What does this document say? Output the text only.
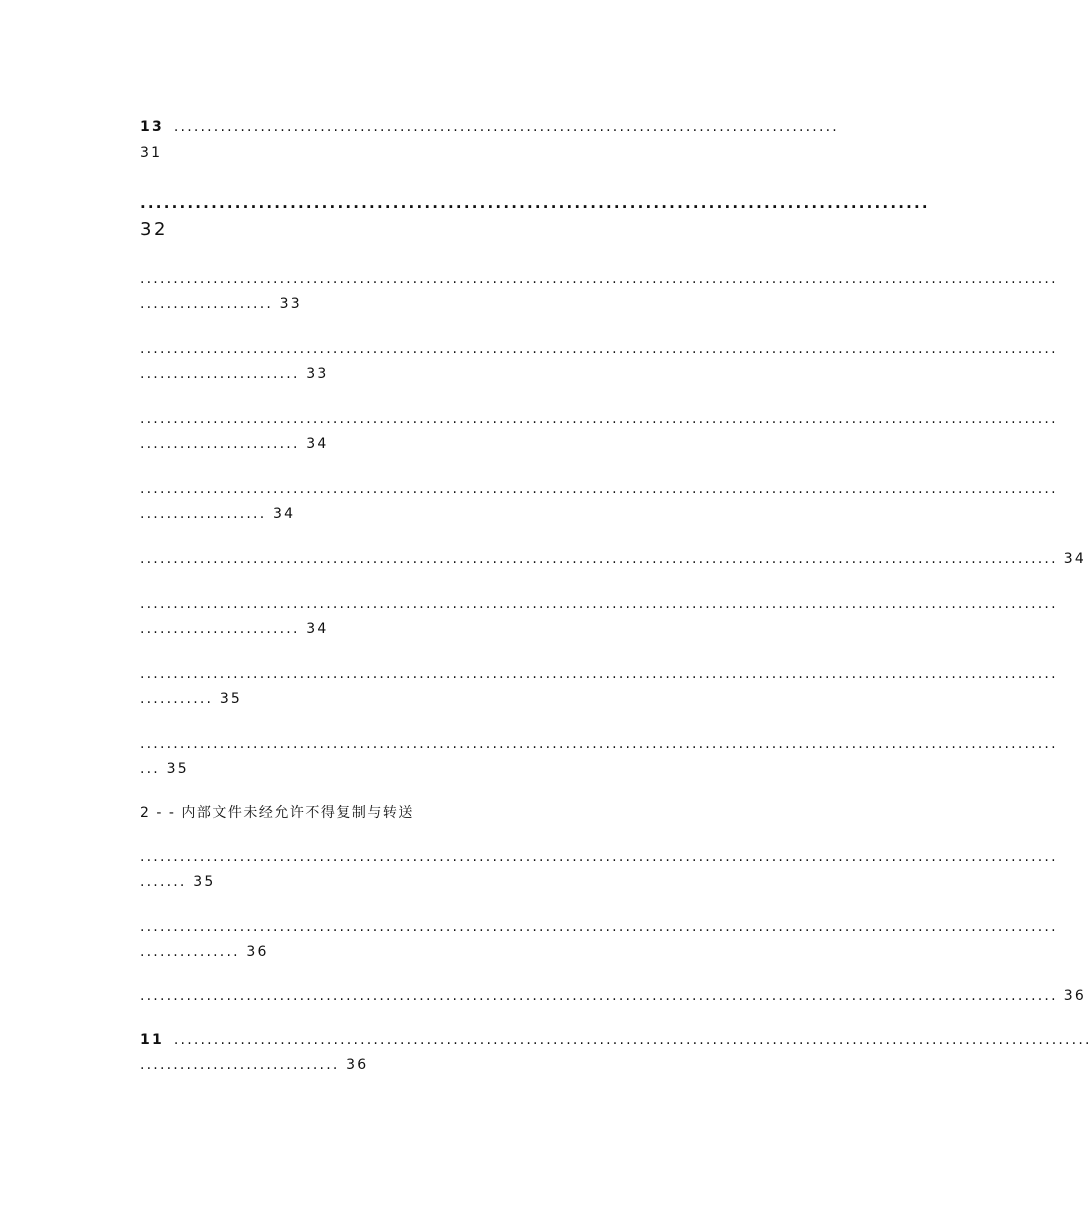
13 ....................................................................................................
31
....................................................................................................
32
..........................................................................................................................................
.................... 33
..........................................................................................................................................
........................ 33
..........................................................................................................................................
........................ 34
..........................................................................................................................................
................... 34
.......................................................................................................................................... 34
..........................................................................................................................................
........................ 34
..........................................................................................................................................
........... 35
..........................................................................................................................................
... 35

2 - - 内部文件未经允许不得复制与转送

..........................................................................................................................................
....... 35
..........................................................................................................................................
............... 36
.......................................................................................................................................... 36
11 ..........................................................................................................................................
.............................. 36
